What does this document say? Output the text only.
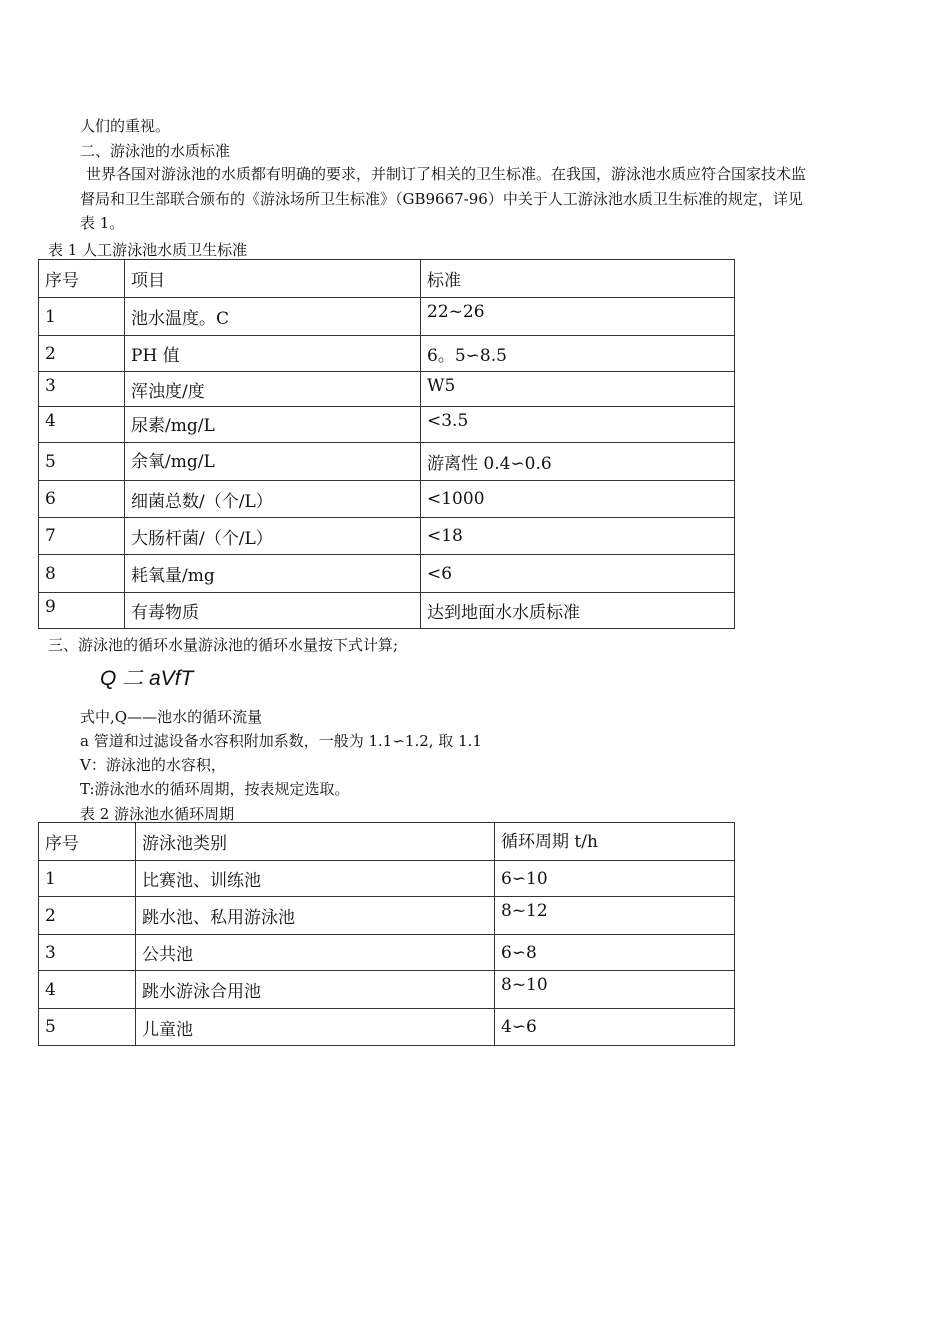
人们的重视。
二、游泳池的水质标准
世界各国对游泳池的水质都有明确的要求，并制订了相关的卫生标准。在我国，游泳池水质应符合国家技术监
督局和卫生部联合颁布的《游泳场所卫生标准》（GB9667-96）中关于人工游泳池水质卫生标准的规定，详见
表 1。
表 1 人工游泳池水质卫生标准
序号	项目	标准
1	池水温度。C	22~26
2	PH 值	6。5∽8.5
3	浑浊度/度	W5
4	尿素/mg/L	<3.5
5	余氧/mg/L	游离性 0.4∽0.6
6	细菌总数/（个/L）	<1000
7	大肠杆菌/（个/L）	<18
8	耗氧量/mg	<6
9	有毒物质	达到地面水水质标准
三、游泳池的循环水量游泳池的循环水量按下式计算;
Q 二 aVfT
式中,Q——池水的循环流量
a 管道和过滤设备水容积附加系数，一般为 1.1∽1.2, 取 1.1
V：游泳池的水容积，
T:游泳池水的循环周期，按表规定选取。
表 2 游泳池水循环周期
序号	游泳池类别	循环周期 t/h
1	比赛池、训练池	6∽10
2	跳水池、私用游泳池	8~12
3	公共池	6∽8
4	跳水游泳合用池	8~10
5	儿童池	4∽6
